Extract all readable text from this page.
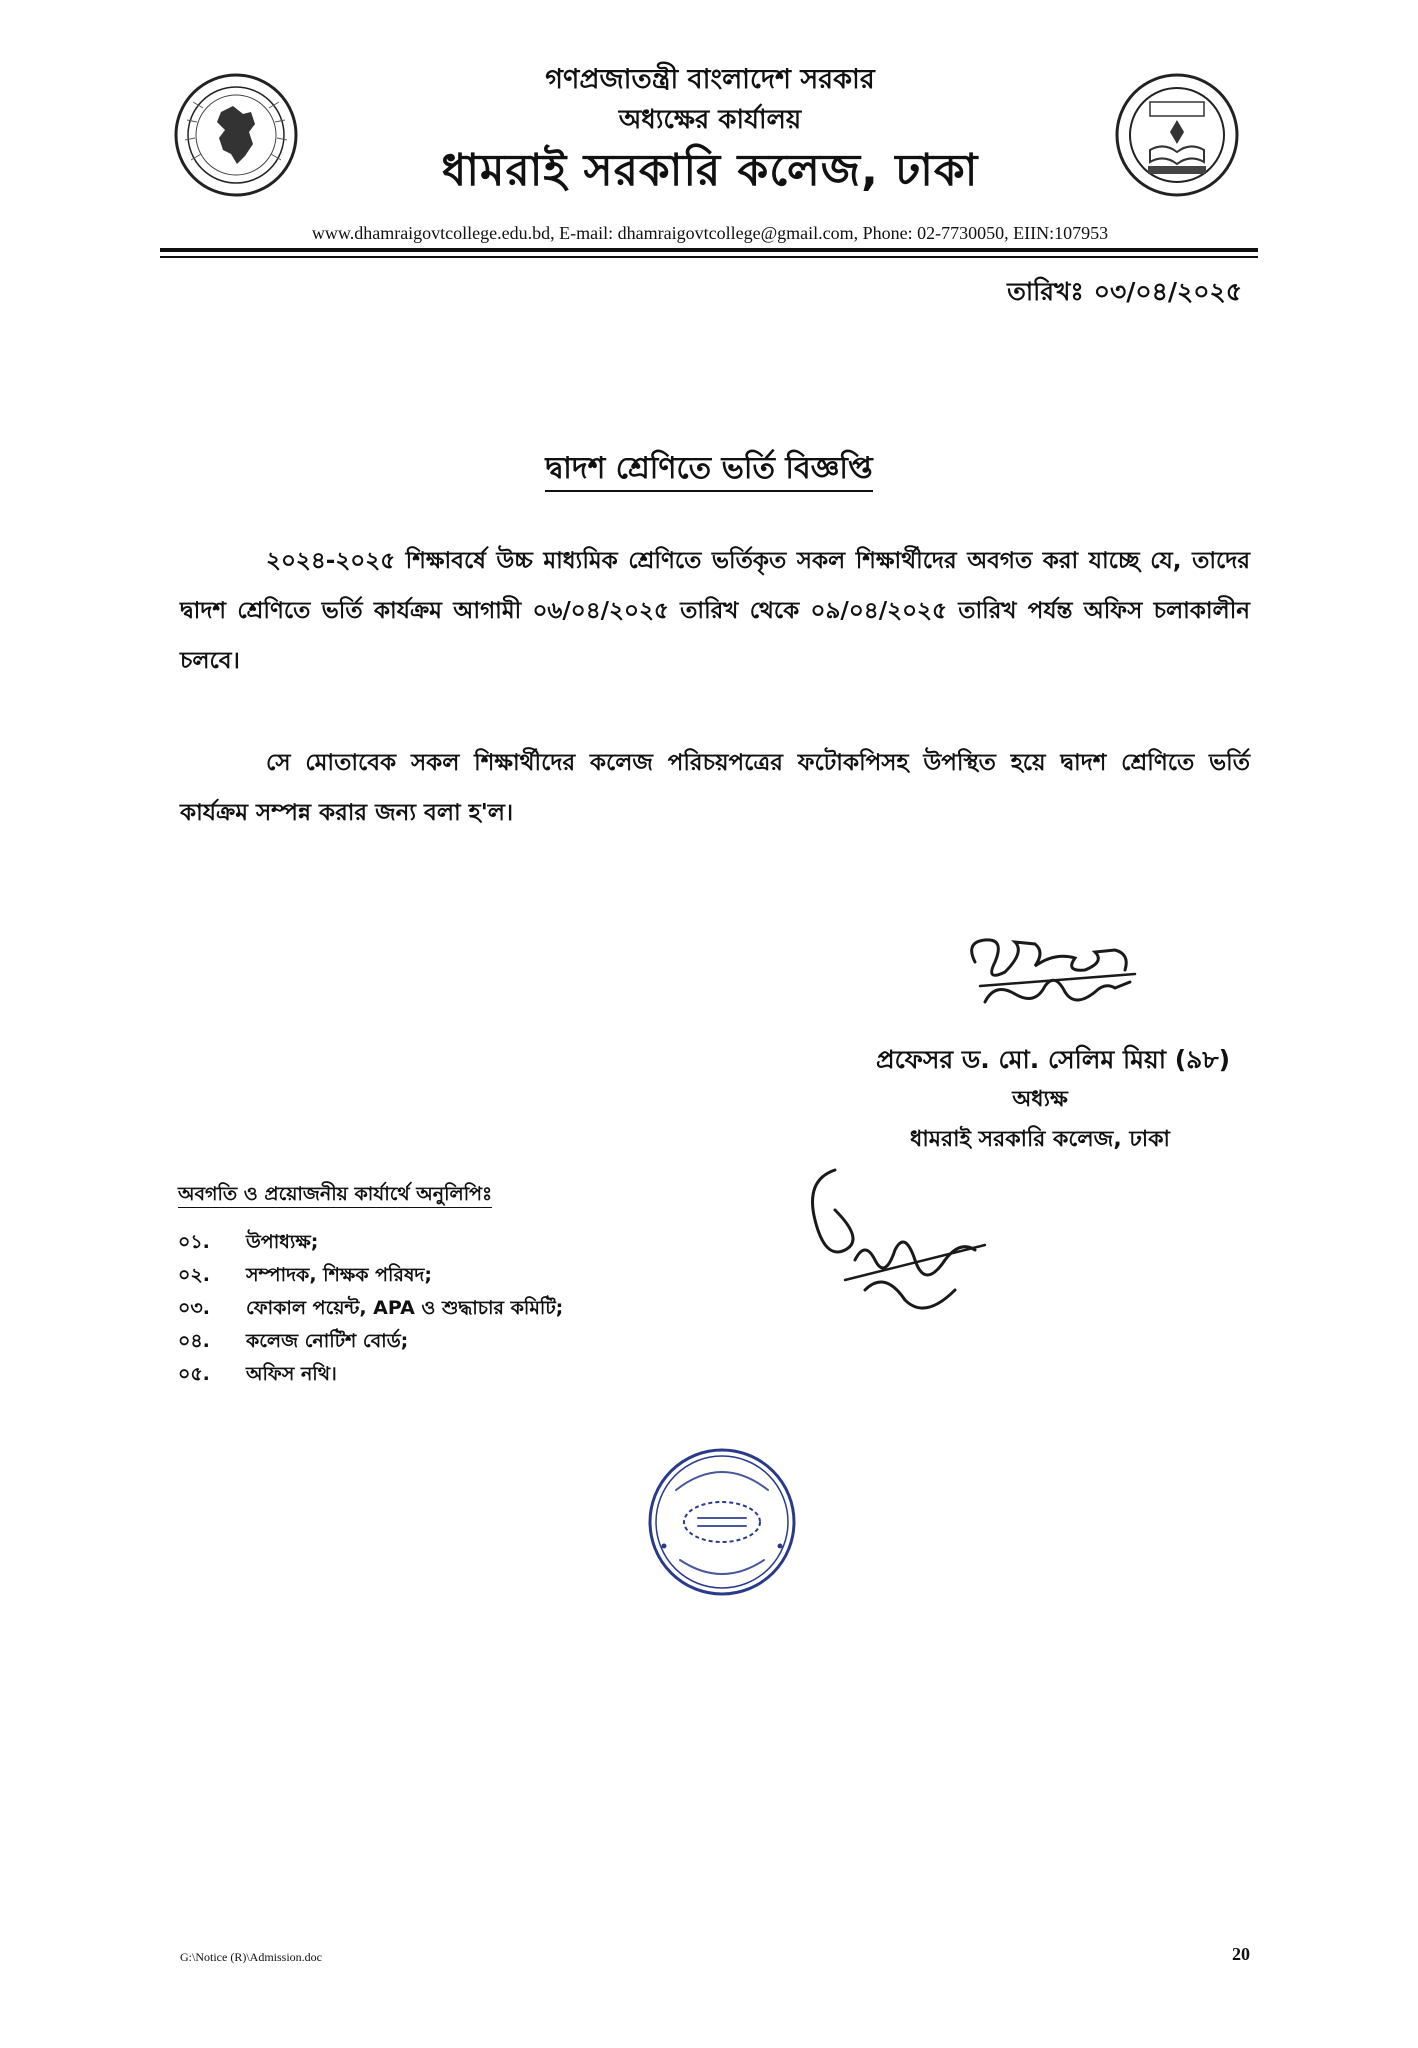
গণপ্রজাতন্ত্রী বাংলাদেশ সরকার
অধ্যক্ষের কার্যালয়
ধামরাই সরকারি কলেজ, ঢাকা
www.dhamraigovtcollege.edu.bd, E-mail: dhamraigovtcollege@gmail.com, Phone: 02-7730050, EIIN:107953
তারিখঃ ০৩/০৪/২০২৫
দ্বাদশ শ্রেণিতে ভর্তি বিজ্ঞপ্তি
২০২৪-২০২৫ শিক্ষাবর্ষে উচ্চ মাধ্যমিক শ্রেণিতে ভর্তিকৃত সকল শিক্ষার্থীদের অবগত করা যাচ্ছে যে, তাদের দ্বাদশ শ্রেণিতে ভর্তি কার্যক্রম আগামী ০৬/০৪/২০২৫ তারিখ থেকে ০৯/০৪/২০২৫ তারিখ পর্যন্ত অফিস চলাকালীন চলবে।
সে মোতাবেক সকল শিক্ষার্থীদের কলেজ পরিচয়পত্রের ফটোকপিসহ উপস্থিত হয়ে দ্বাদশ শ্রেণিতে ভর্তি কার্যক্রম সম্পন্ন করার জন্য বলা হ'ল।
প্রফেসর ড. মো. সেলিম মিয়া (৯৮)
অধ্যক্ষ
ধামরাই সরকারি কলেজ, ঢাকা
অবগতি ও প্রয়োজনীয় কার্যার্থে অনুলিপিঃ
০১.	উপাধ্যক্ষ;
০২.	সম্পাদক, শিক্ষক পরিষদ;
০৩.	ফোকাল পয়েন্ট, APA ও শুদ্ধাচার কমিটি;
০৪.	কলেজ নোটিশ বোর্ড;
০৫.	অফিস নথি।
G:\Notice (R)\Admission.doc	20
